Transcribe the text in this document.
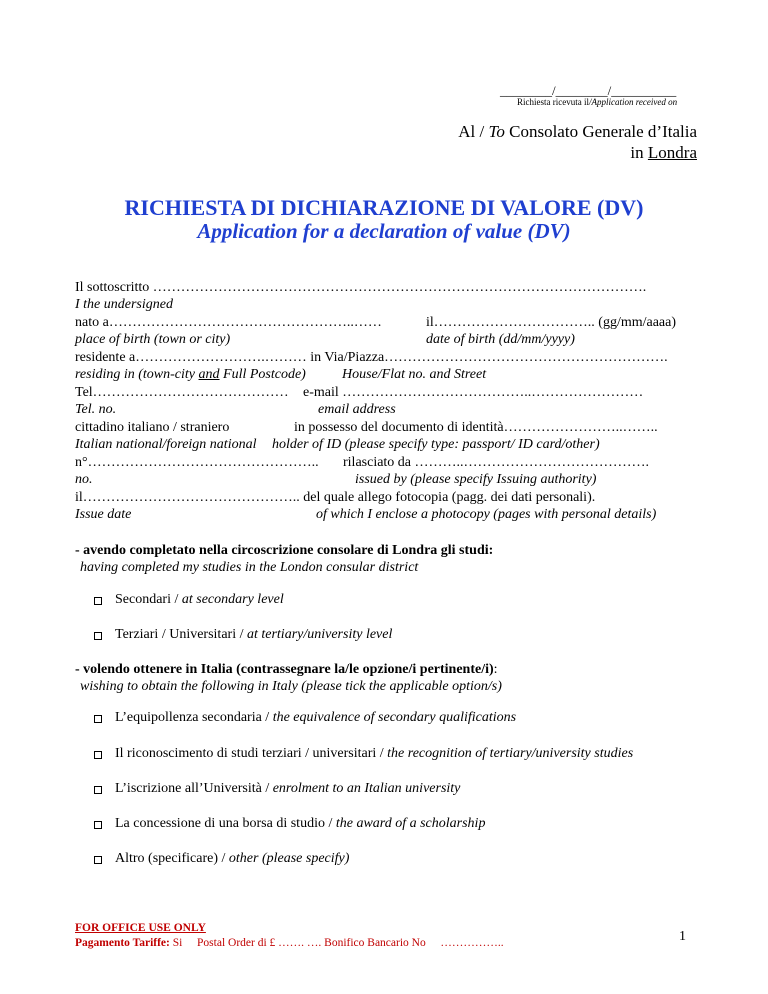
________/________/__________
Richiesta ricevuta il/Application received on
Al / To Consolato Generale d’Italia
in Londra
RICHIESTA DI DICHIARAZIONE DI VALORE (DV)
Application for a declaration of value (DV)
Il sottoscritto …………………………………………………………………………………………….
I the undersigned
nato a……………………………………………..……	il…………………………….. (gg/mm/aaaa)
place of birth (town or city)	date of birth (dd/mm/yyyy)
residente a……………………….……… in Via/Piazza…………………………………………………….
residing in (town-city and Full Postcode)	House/Flat no. and Street
Tel…………………………………… e-mail …………………………………..……………………
Tel. no.	email address
cittadino italiano / straniero	in possesso del documento di identità……………………..……..
Italian national/foreign national holder of ID (please specify type: passport/ ID card/other)
n°………………………………………….. rilasciato da ………..………………………………….
no.	issued by (please specify Issuing authority)
il……………………………………….. del quale allego fotocopia (pagg. dei dati personali).
Issue date	of which I enclose a photocopy (pages with personal details)
- avendo completato nella circoscrizione consolare di Londra gli studi:
having completed my studies in the London consular district
Secondari / at secondary level
Terziari / Universitari / at tertiary/university level
- volendo ottenere in Italia (contrassegnare la/le opzione/i pertinente/i):
wishing to obtain the following in Italy (please tick the applicable option/s)
L’equipollenza secondaria / the equivalence of secondary qualifications
Il riconoscimento di studi terziari / universitari / the recognition of tertiary/university studies
L’iscrizione all’Università / enrolment to an Italian university
La concessione di una borsa di studio / the award of a scholarship
Altro (specificare) / other (please specify)
FOR OFFICE USE ONLY
Pagamento Tariffe: Si Postal Order di £ ……. …. Bonifico Bancario No ……………..	1
